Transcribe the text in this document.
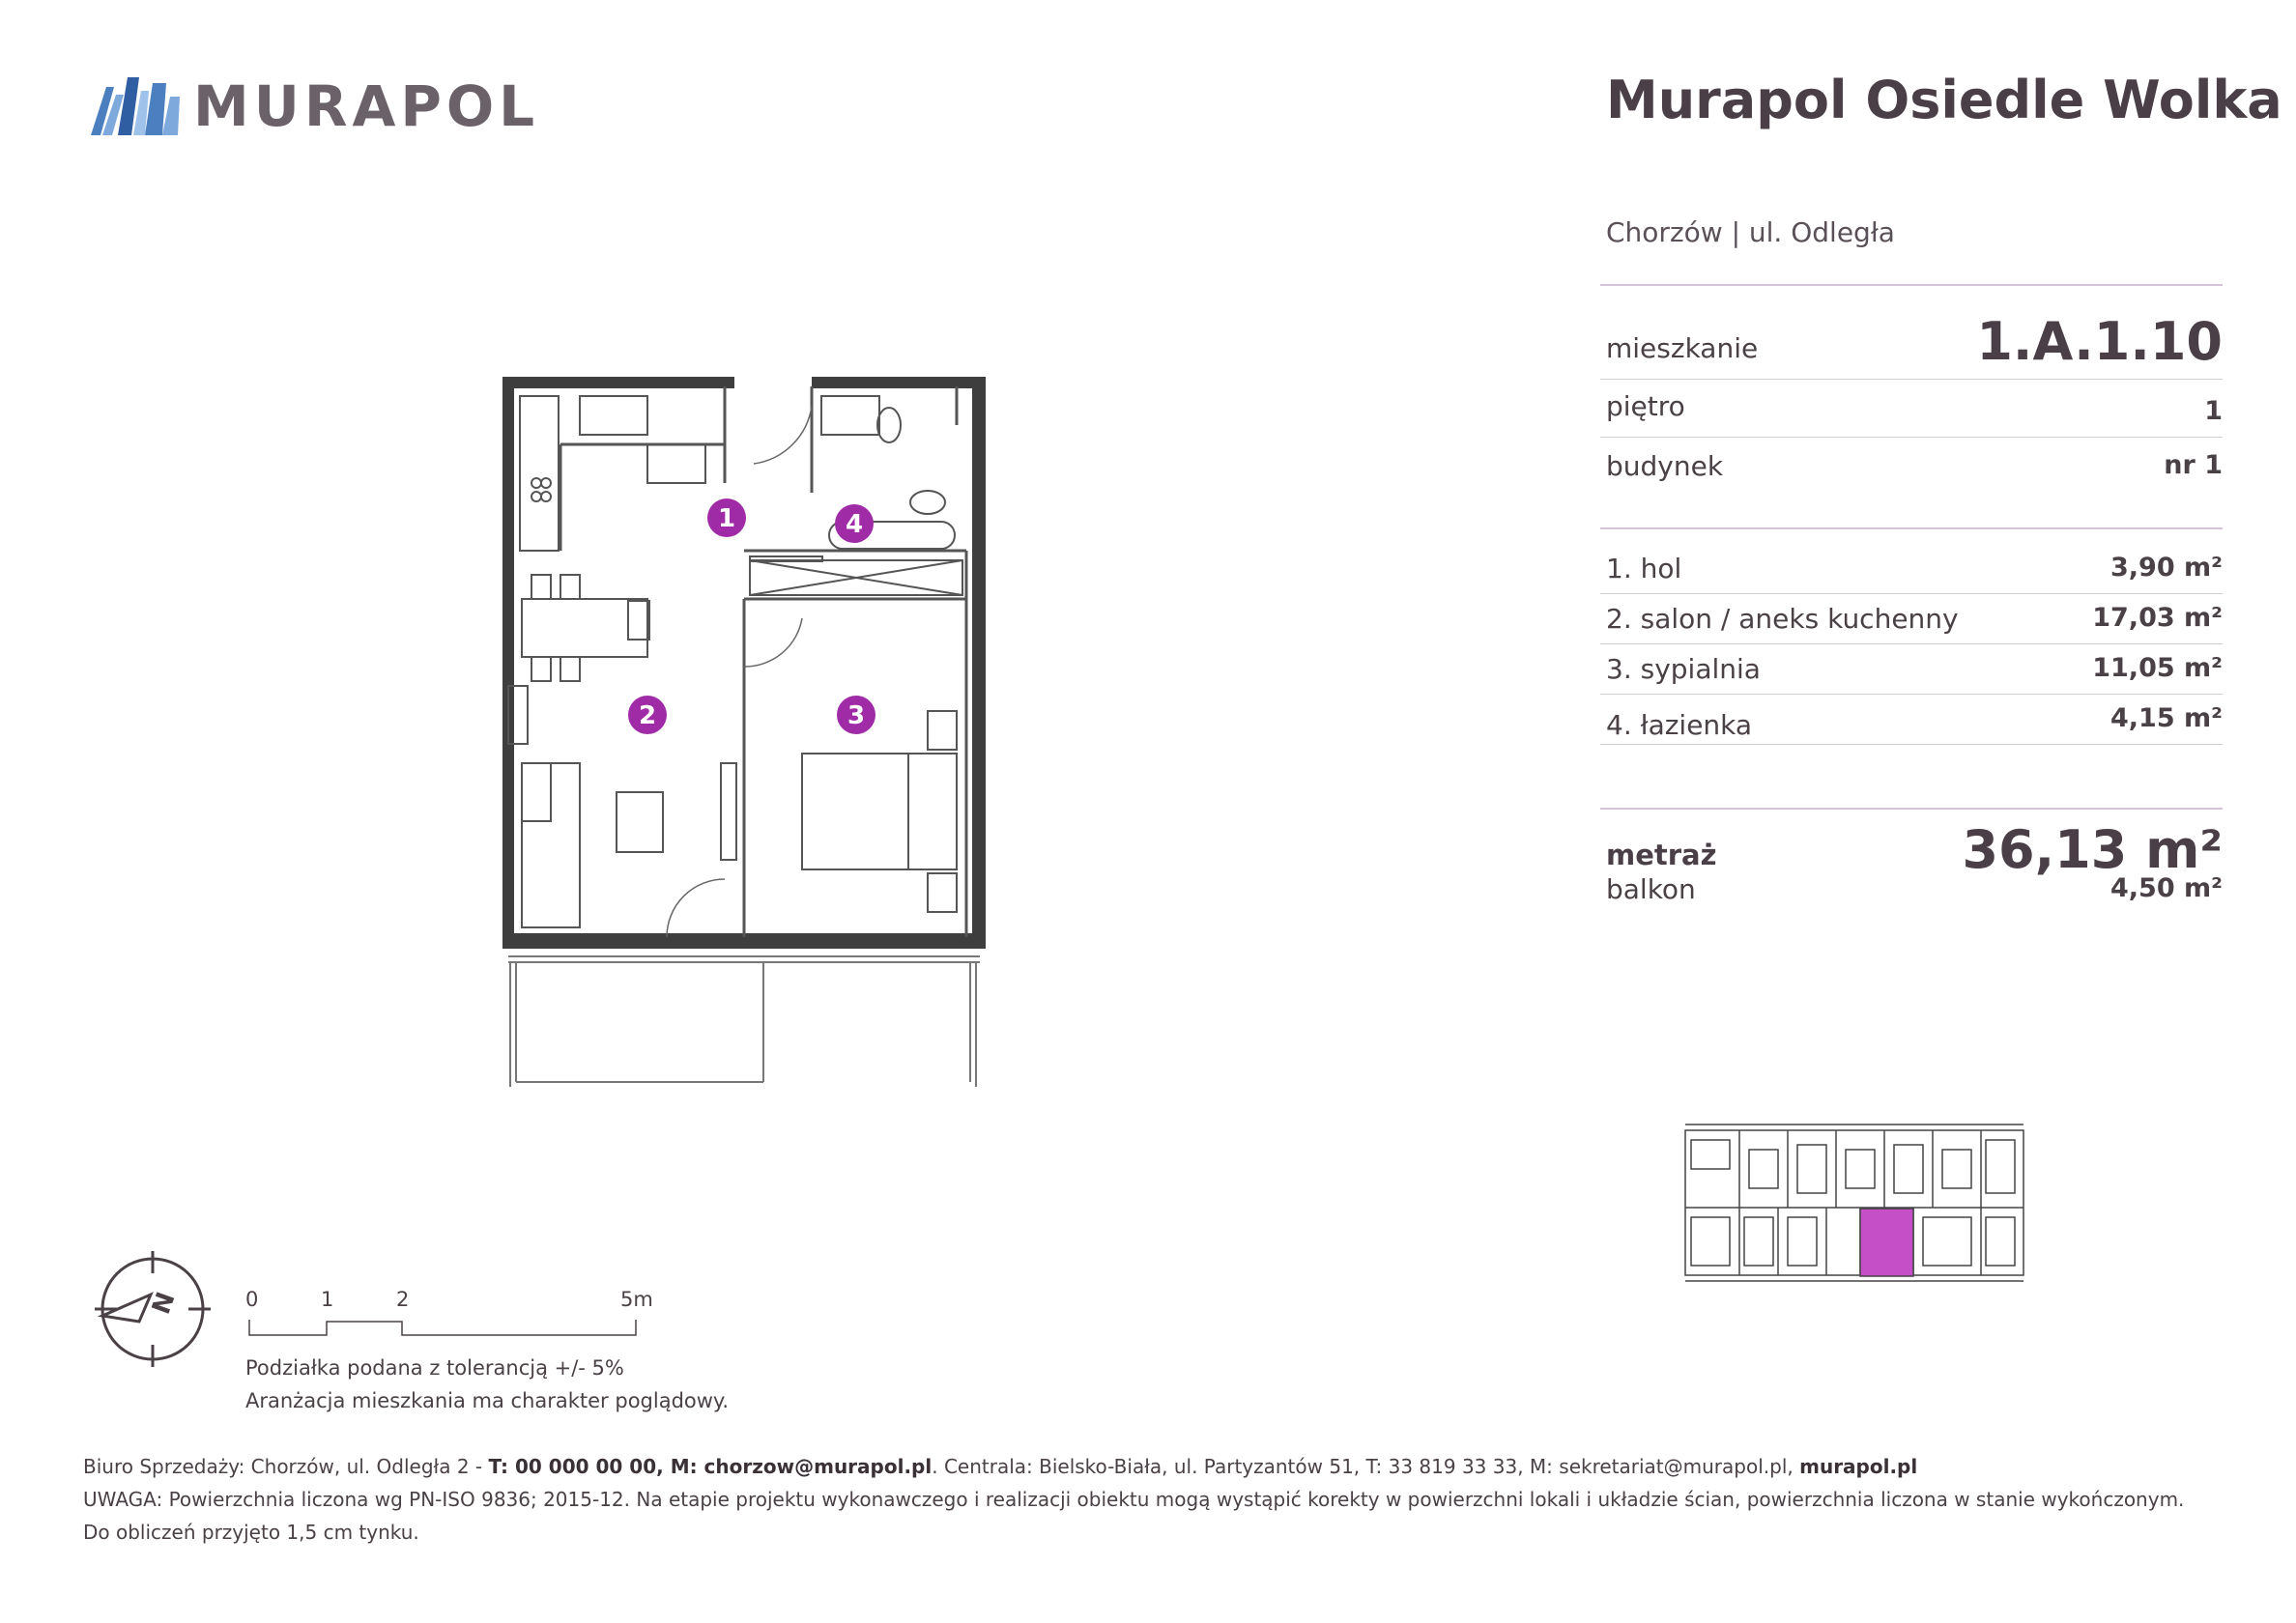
MURAPOL	Murapol Osiedle Wolka
Chorzów | ul. Odległa
mieszkanie	1.A.1.10
piętro	1
budynek	nr 1
1. hol	3,90 m²
2. salon / aneks kuchenny	17,03 m²
3. sypialnia	11,05 m²
4. łazienka	4,15 m²
metraż	36,13 m²
balkon	4,50 m²
1
2	3
4
N	0	1	2	5m
Podziałka podana z tolerancją +/- 5%
Aranżacja mieszkania ma charakter poglądowy.
Biuro Sprzedaży: Chorzów, ul. Odległa 2 - T: 00 000 00 00, M: chorzow@murapol.pl. Centrala: Bielsko-Biała, ul. Partyzantów 51, T: 33 819 33 33, M: sekretariat@murapol.pl, murapol.pl
UWAGA: Powierzchnia liczona wg PN-ISO 9836; 2015-12. Na etapie projektu wykonawczego i realizacji obiektu mogą wystąpić korekty w powierzchni lokali i układzie ścian, powierzchnia liczona w stanie wykończonym.
Do obliczeń przyjęto 1,5 cm tynku.
